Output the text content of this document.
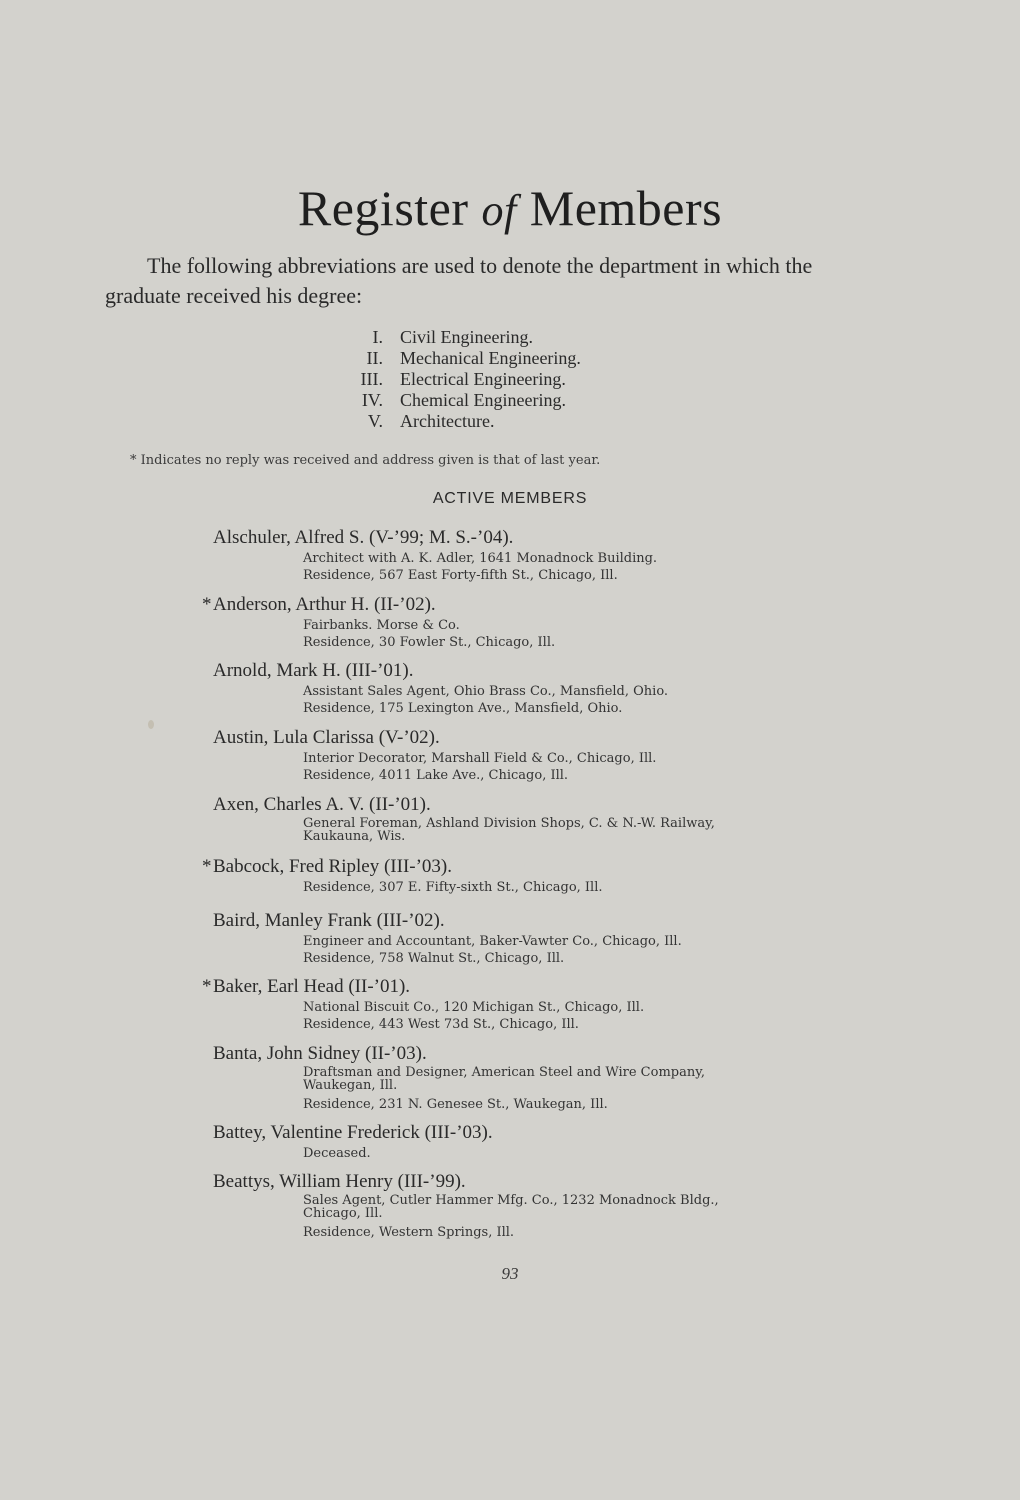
Register of Members
The following abbreviations are used to denote the department in which the graduate received his degree:
I. Civil Engineering.
II. Mechanical Engineering.
III. Electrical Engineering.
IV. Chemical Engineering.
V. Architecture.
* Indicates no reply was received and address given is that of last year.
ACTIVE MEMBERS
Alschuler, Alfred S. (V-’99; M. S.-’04).
Architect with A. K. Adler, 1641 Monadnock Building.
Residence, 567 East Forty-fifth St., Chicago, Ill.
* Anderson, Arthur H. (II-’02).
Fairbanks. Morse & Co.
Residence, 30 Fowler St., Chicago, Ill.
Arnold, Mark H. (III-’01).
Assistant Sales Agent, Ohio Brass Co., Mansfield, Ohio.
Residence, 175 Lexington Ave., Mansfield, Ohio.
Austin, Lula Clarissa (V-’02).
Interior Decorator, Marshall Field & Co., Chicago, Ill.
Residence, 4011 Lake Ave., Chicago, Ill.
Axen, Charles A. V. (II-’01).
General Foreman, Ashland Division Shops, C. & N.-W. Railway, Kaukauna, Wis.
* Babcock, Fred Ripley (III-’03).
Residence, 307 E. Fifty-sixth St., Chicago, Ill.
Baird, Manley Frank (III-’02).
Engineer and Accountant, Baker-Vawter Co., Chicago, Ill.
Residence, 758 Walnut St., Chicago, Ill.
* Baker, Earl Head (II-’01).
National Biscuit Co., 120 Michigan St., Chicago, Ill.
Residence, 443 West 73d St., Chicago, Ill.
Banta, John Sidney (II-’03).
Draftsman and Designer, American Steel and Wire Company, Waukegan, Ill.
Residence, 231 N. Genesee St., Waukegan, Ill.
Battey, Valentine Frederick (III-’03).
Deceased.
Beattys, William Henry (III-’99).
Sales Agent, Cutler Hammer Mfg. Co., 1232 Monadnock Bldg., Chicago, Ill.
Residence, Western Springs, Ill.
93
